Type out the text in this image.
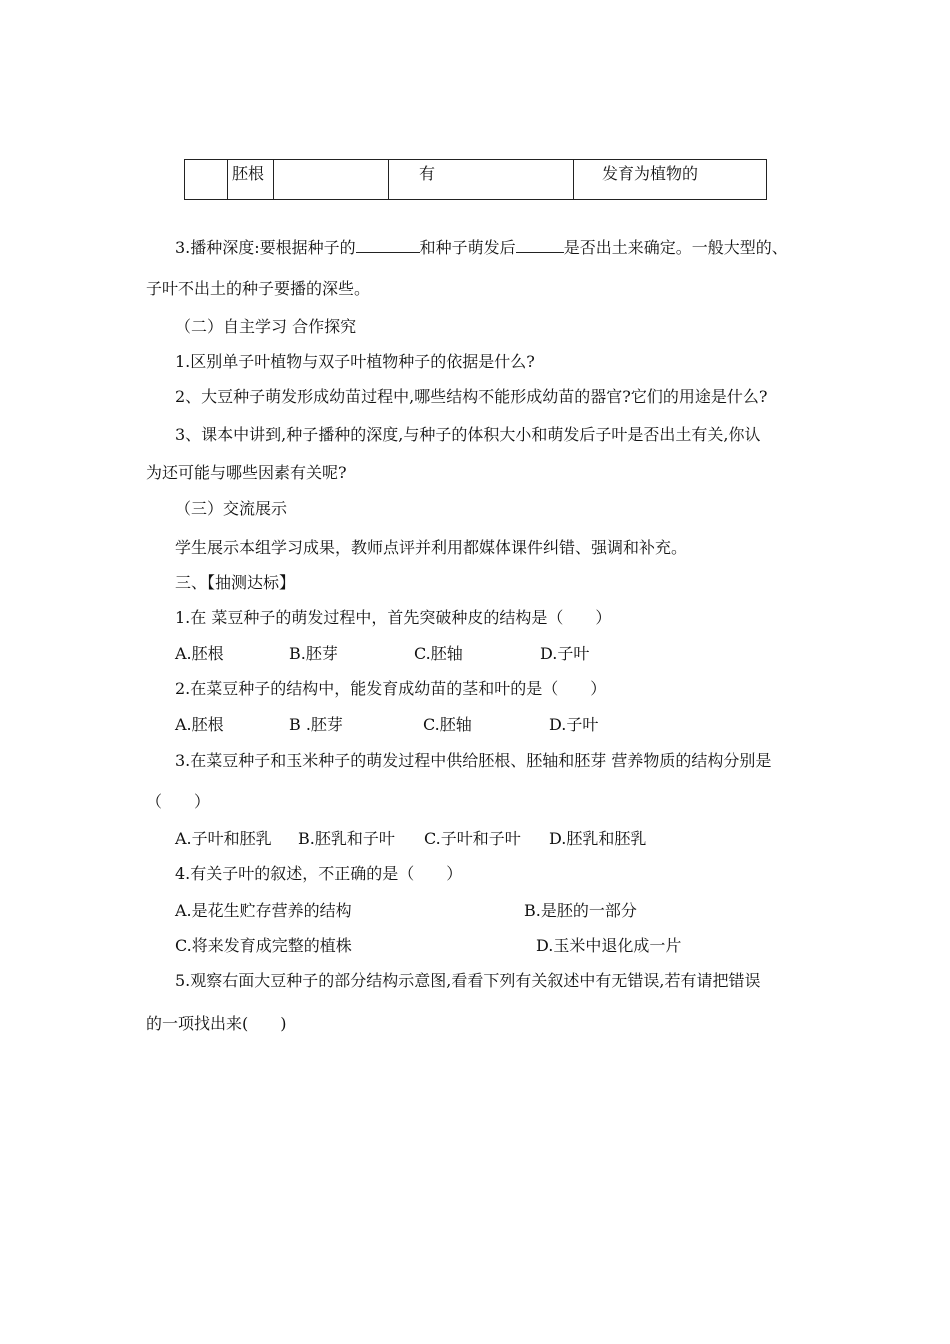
	胚根		有	发育为植物的
3.播种深度:要根据种子的	和种子萌发后	是否出土来确定。一般大型的、
子叶不出土的种子要播的深些。
（二）自主学习 合作探究
1.区别单子叶植物与双子叶植物种子的依据是什么?
2、大豆种子萌发形成幼苗过程中,哪些结构不能形成幼苗的器官?它们的用途是什么?
3、课本中讲到,种子播种的深度,与种子的体积大小和萌发后子叶是否出土有关,你认
为还可能与哪些因素有关呢?
（三）交流展示
学生展示本组学习成果，教师点评并利用都媒体课件纠错、强调和补充。
三、【抽测达标】
1.在 菜豆种子的萌发过程中，首先突破种皮的结构是（　　）
A.胚根	B.胚芽	C.胚轴	D.子叶
2.在菜豆种子的结构中，能发育成幼苗的茎和叶的是（　　）
A.胚根	B .胚芽	C.胚轴	D.子叶
3.在菜豆种子和玉米种子的萌发过程中供给胚根、胚轴和胚芽 营养物质的结构分别是
（　　）
A.子叶和胚乳 B.胚乳和子叶 C.子叶和子叶 D.胚乳和胚乳
4.有关子叶的叙述，不正确的是（　　）
A.是花生贮存营养的结构	B.是胚的一部分
C.将来发育成完整的植株	D.玉米中退化成一片
5.观察右面大豆种子的部分结构示意图,看看下列有关叙述中有无错误,若有请把错误
的一项找出来(　　)
